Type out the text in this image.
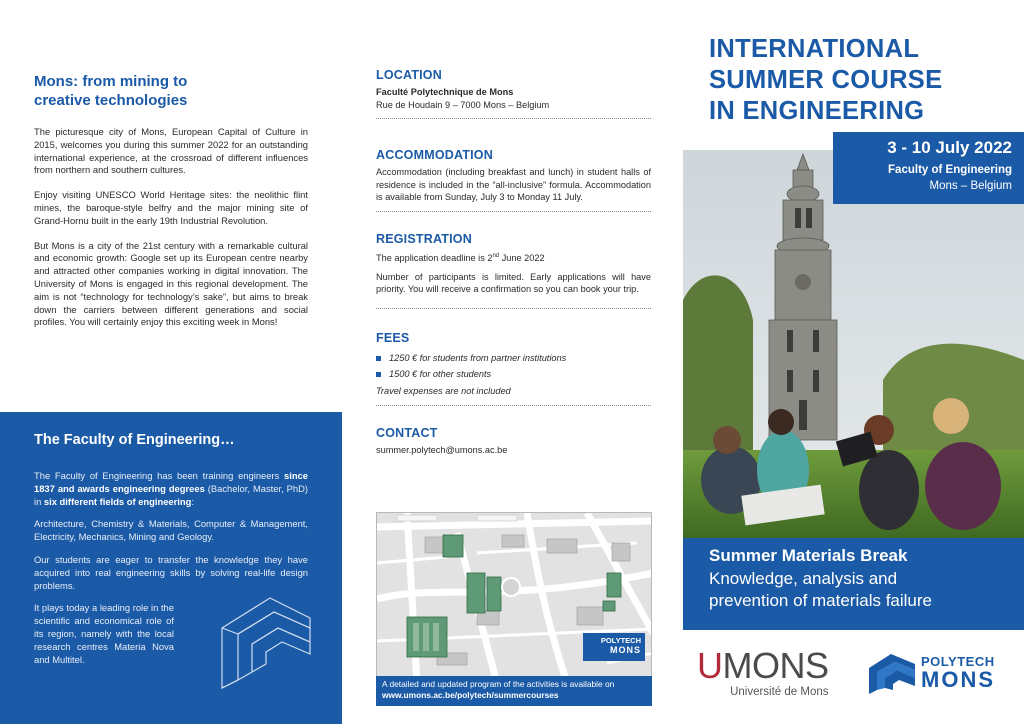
Mons: from mining to creative technologies

The picturesque city of Mons, European Capital of Culture in 2015, welcomes you during this summer 2022 for an outstanding international experience, at the crossroad of different influences from northern and southern cultures.

Enjoy visiting UNESCO World Heritage sites: the neolithic flint mines, the baroque-style belfry and the major mining site of Grand-Hornu built in the early 19th Industrial Revolution.

But Mons is a city of the 21st century with a remarkable cultural and economic growth: Google set up its European centre nearby and attracted other companies working in digital innovation. The University of Mons is engaged in this regional development. The aim is not “technology for technology’s sake”, but aims to break down the carriers between different generations and social profiles. You will certainly enjoy this exciting week in Mons!

The Faculty of Engineering…

The Faculty of Engineering has been training engineers since 1837 and awards engineering degrees (Bachelor, Master, PhD) in six different fields of engineering:

Architecture, Chemistry & Materials, Computer & Management, Electricity, Mechanics, Mining and Geology.

Our students are eager to transfer the knowledge they have acquired into real engineering skills by solving real-life design problems.

It plays today a leading role in the scientific and economical role of its region, namely with the local research centres Materia Nova and Multitel.

LOCATION

Faculté Polytechnique de Mons

Rue de Houdain 9 – 7000 Mons – Belgium

ACCOMMODATION

Accommodation (including breakfast and lunch) in student halls of residence is included in the “all-inclusive” formula. Accommodation is available from Sunday, July 3 to Monday 11 July.

REGISTRATION

The application deadline is 2nd June 2022

Number of participants is limited. Early applications will have priority. You will receive a confirmation so you can book your trip.

FEES
1250 € for students from partner institutions
1500 € for other students

Travel expenses are not included

CONTACT

summer.polytech@umons.ac.be

POLYTECH
MONS
A detailed and updated program of the activities is available on www.umons.ac.be/polytech/summercourses
INTERNATIONAL
SUMMER COURSE
IN ENGINEERING
3 - 10 July 2022
Faculty of Engineering
Mons – Belgium
Summer Materials Break
Knowledge, analysis and
prevention of materials failure
UMONS
Université de Mons
POLYTECH
MONS
